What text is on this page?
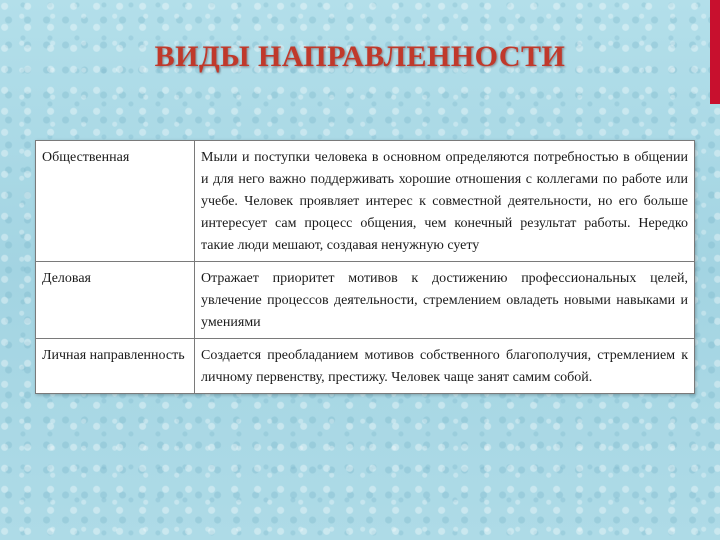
ВИДЫ НАПРАВЛЕННОСТИ
Общественная	Мыли и поступки человека в основном определяются потребностью в общении и для него важно поддерживать хорошие отношения с коллегами по работе или учебе. Человек проявляет интерес к совместной деятельности, но его больше интересует сам процесс общения, чем конечный результат работы. Нередко такие люди мешают, создавая ненужную суету
Деловая	Отражает приоритет мотивов к достижению профессиональных целей, увлечение процессов деятельности, стремлением овладеть новыми навыками и умениями
Личная направленность	Создается преобладанием мотивов собственного благополучия, стремлением к личному первенству, престижу. Человек чаще занят самим собой.
